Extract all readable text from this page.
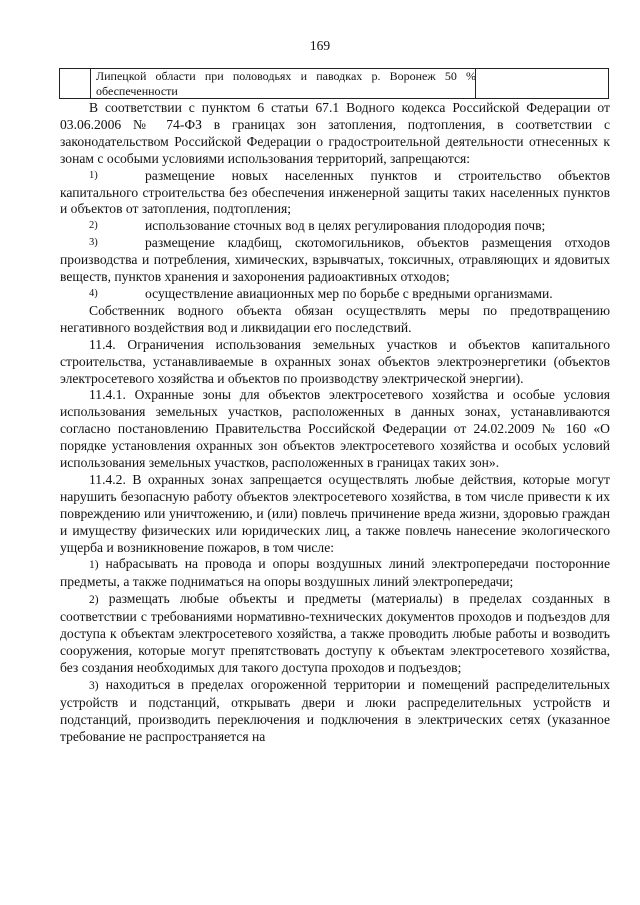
169
Липецкой области при половодьях и паводках р. Воронеж 50 % обеспеченности

В соответствии с пунктом 6 статьи 67.1 Водного кодекса Российской Федерации от 03.06.2006 № 74-ФЗ в границах зон затопления, подтопления, в соответствии с законодательством Российской Федерации о градостроительной деятельности отнесенных к зонам с особыми условиями использования территорий, запрещаются:

1)	размещение новых населенных пунктов и строительство объектов

капитального строительства без обеспечения инженерной защиты таких населенных пунктов и объектов от затопления, подтопления;

2)	использование сточных вод в целях регулирования плодородия почв;
3)	размещение кладбищ, скотомогильников, объектов размещения отходов

производства и потребления, химических, взрывчатых, токсичных, отравляющих и ядовитых веществ, пунктов хранения и захоронения радиоактивных отходов;

4)	осуществление авиационных мер по борьбе с вредными организмами.

Собственник водного объекта обязан осуществлять меры по предотвращению негативного воздействия вод и ликвидации его последствий.

11.4. Ограничения использования земельных участков и объектов капитального строительства, устанавливаемые в охранных зонах объектов электроэнергетики (объектов электросетевого хозяйства и объектов по производству электрической энергии).

11.4.1. Охранные зоны для объектов электросетевого хозяйства и особые условия использования земельных участков, расположенных в данных зонах, устанавливаются согласно постановлению Правительства Российской Федерации от 24.02.2009 № 160 «О порядке установления охранных зон объектов электросетевого хозяйства и особых условий использования земельных участков, расположенных в границах таких зон».

11.4.2. В охранных зонах запрещается осуществлять любые действия, которые могут нарушить безопасную работу объектов электросетевого хозяйства, в том числе привести к их повреждению или уничтожению, и (или) повлечь причинение вреда жизни, здоровью граждан и имуществу физических или юридических лиц, а также повлечь нанесение экологического ущерба и возникновение пожаров, в том числе:

1) набрасывать на провода и опоры воздушных линий электропередачи посторонние предметы, а также подниматься на опоры воздушных линий электропередачи;

2) размещать любые объекты и предметы (материалы) в пределах созданных в соответствии с требованиями нормативно-технических документов проходов и подъездов для доступа к объектам электросетевого хозяйства, а также проводить любые работы и возводить сооружения, которые могут препятствовать доступу к объектам электросетевого хозяйства, без создания необходимых для такого доступа проходов и подъездов;

3) находиться в пределах огороженной территории и помещений распределительных устройств и подстанций, открывать двери и люки распределительных устройств и подстанций, производить переключения и подключения в электрических сетях (указанное требование не распространяется на
